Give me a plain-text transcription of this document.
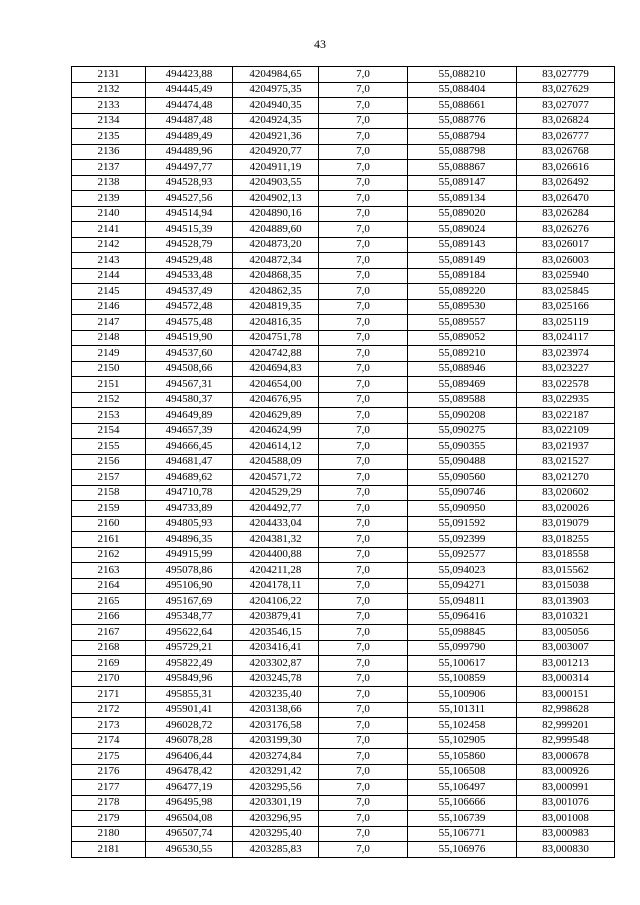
43
2131	494423,88	4204984,65	7,0	55,088210	83,027779
2132	494445,49	4204975,35	7,0	55,088404	83,027629
2133	494474,48	4204940,35	7,0	55,088661	83,027077
2134	494487,48	4204924,35	7,0	55,088776	83,026824
2135	494489,49	4204921,36	7,0	55,088794	83,026777
2136	494489,96	4204920,77	7,0	55,088798	83,026768
2137	494497,77	4204911,19	7,0	55,088867	83,026616
2138	494528,93	4204903,55	7,0	55,089147	83,026492
2139	494527,56	4204902,13	7,0	55,089134	83,026470
2140	494514,94	4204890,16	7,0	55,089020	83,026284
2141	494515,39	4204889,60	7,0	55,089024	83,026276
2142	494528,79	4204873,20	7,0	55,089143	83,026017
2143	494529,48	4204872,34	7,0	55,089149	83,026003
2144	494533,48	4204868,35	7,0	55,089184	83,025940
2145	494537,49	4204862,35	7,0	55,089220	83,025845
2146	494572,48	4204819,35	7,0	55,089530	83,025166
2147	494575,48	4204816,35	7,0	55,089557	83,025119
2148	494519,90	4204751,78	7,0	55,089052	83,024117
2149	494537,60	4204742,88	7,0	55,089210	83,023974
2150	494508,66	4204694,83	7,0	55,088946	83,023227
2151	494567,31	4204654,00	7,0	55,089469	83,022578
2152	494580,37	4204676,95	7,0	55,089588	83,022935
2153	494649,89	4204629,89	7,0	55,090208	83,022187
2154	494657,39	4204624,99	7,0	55,090275	83,022109
2155	494666,45	4204614,12	7,0	55,090355	83,021937
2156	494681,47	4204588,09	7,0	55,090488	83,021527
2157	494689,62	4204571,72	7,0	55,090560	83,021270
2158	494710,78	4204529,29	7,0	55,090746	83,020602
2159	494733,89	4204492,77	7,0	55,090950	83,020026
2160	494805,93	4204433,04	7,0	55,091592	83,019079
2161	494896,35	4204381,32	7,0	55,092399	83,018255
2162	494915,99	4204400,88	7,0	55,092577	83,018558
2163	495078,86	4204211,28	7,0	55,094023	83,015562
2164	495106,90	4204178,11	7,0	55,094271	83,015038
2165	495167,69	4204106,22	7,0	55,094811	83,013903
2166	495348,77	4203879,41	7,0	55,096416	83,010321
2167	495622,64	4203546,15	7,0	55,098845	83,005056
2168	495729,21	4203416,41	7,0	55,099790	83,003007
2169	495822,49	4203302,87	7,0	55,100617	83,001213
2170	495849,96	4203245,78	7,0	55,100859	83,000314
2171	495855,31	4203235,40	7,0	55,100906	83,000151
2172	495901,41	4203138,66	7,0	55,101311	82,998628
2173	496028,72	4203176,58	7,0	55,102458	82,999201
2174	496078,28	4203199,30	7,0	55,102905	82,999548
2175	496406,44	4203274,84	7,0	55,105860	83,000678
2176	496478,42	4203291,42	7,0	55,106508	83,000926
2177	496477,19	4203295,56	7,0	55,106497	83,000991
2178	496495,98	4203301,19	7,0	55,106666	83,001076
2179	496504,08	4203296,95	7,0	55,106739	83,001008
2180	496507,74	4203295,40	7,0	55,106771	83,000983
2181	496530,55	4203285,83	7,0	55,106976	83,000830
